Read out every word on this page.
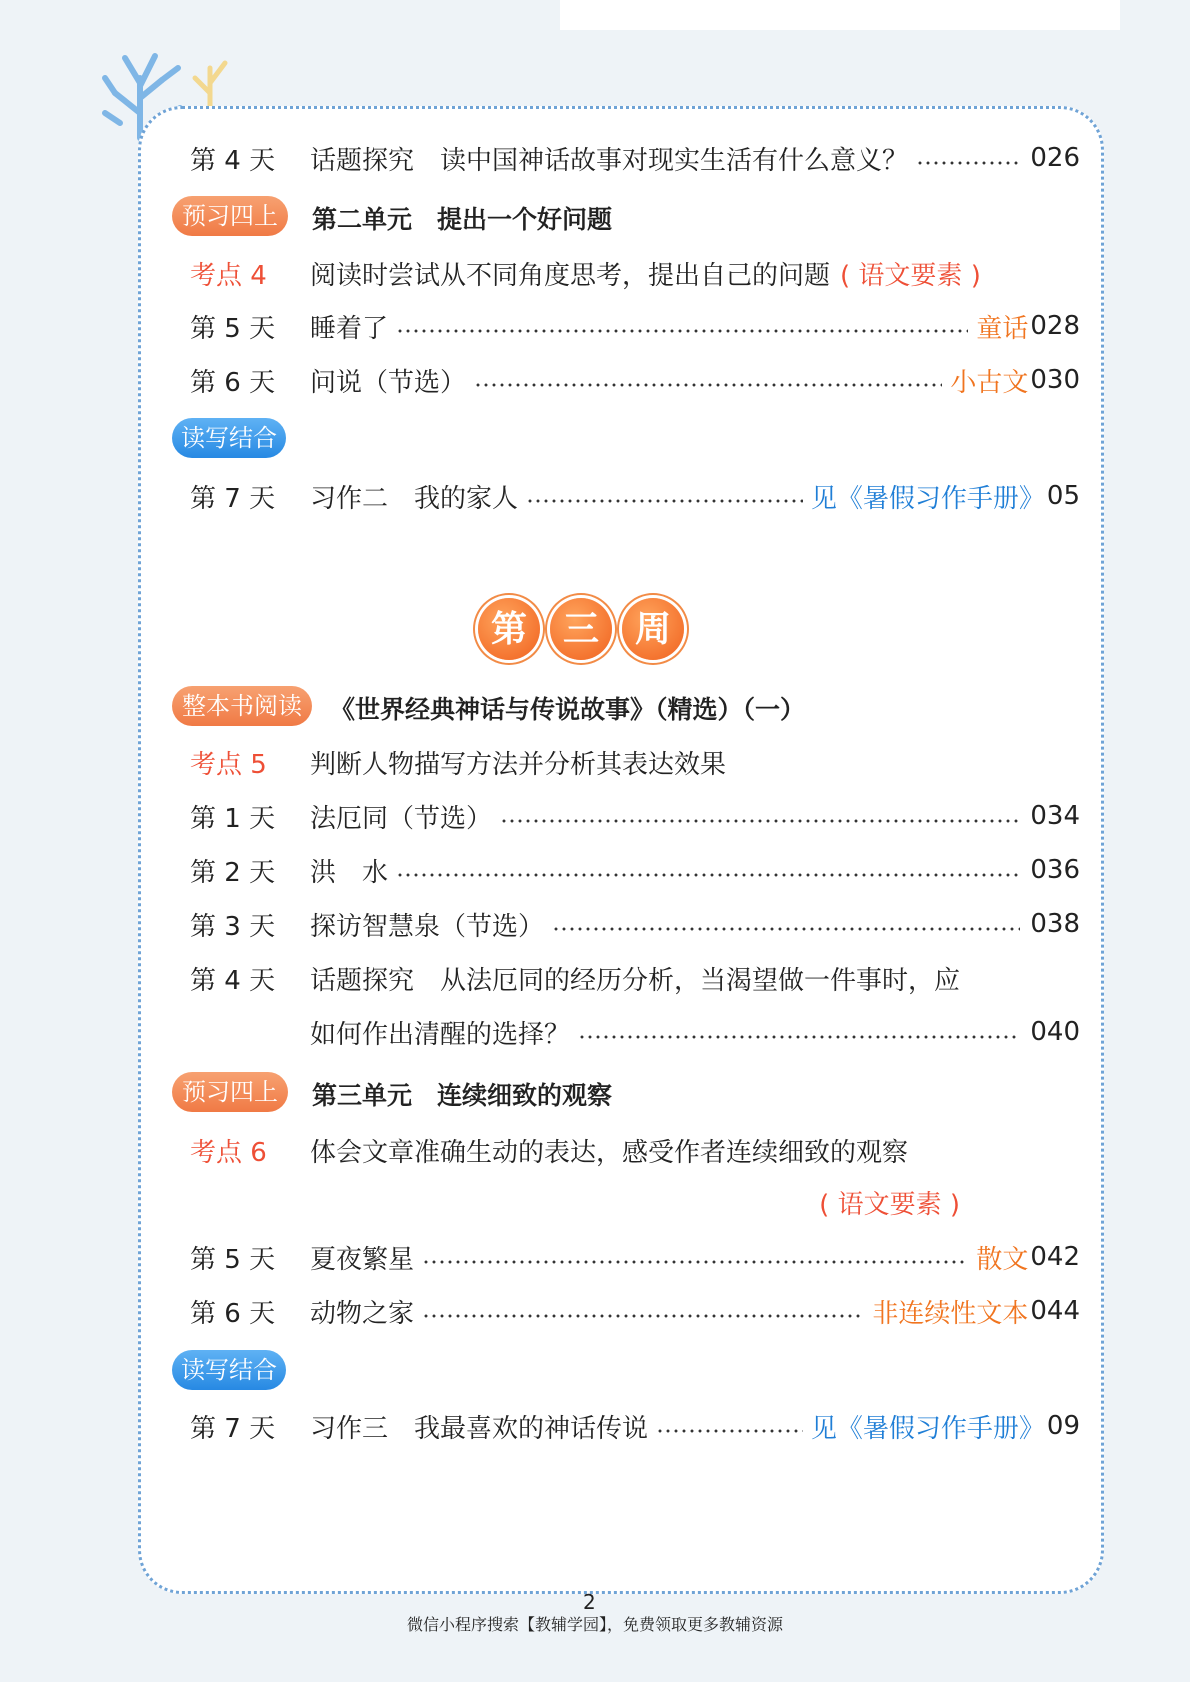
第 4 天	话题探究 读中国神话故事对现实生活有什么意义？	026
预习四上	第二单元　提出一个好问题
考点 4	阅读时尝试从不同角度思考，提出自己的问题 ( 语文要素 )
第 5 天	睡着了	童话 028
第 6 天	问说（节选）	小古文 030
读写结合
第 7 天	习作二　我的家人	见《暑假习作手册》 05
第 三 周
整本书阅读	《世界经典神话与传说故事》（精选）（一）
考点 5	判断人物描写方法并分析其表达效果
第 1 天	法厄同（节选）	034
第 2 天	洪　水	036
第 3 天	探访智慧泉（节选）	038
第 4 天	话题探究 从法厄同的经历分析，当渴望做一件事时，应
如何作出清醒的选择？	040
预习四上	第三单元　连续细致的观察
考点 6	体会文章准确生动的表达，感受作者连续细致的观察
( 语文要素 )
第 5 天	夏夜繁星	散文 042
第 6 天	动物之家	非连续性文本 044
读写结合
第 7 天	习作三　我最喜欢的神话传说	见《暑假习作手册》 09
2
微信小程序搜索【教辅学园】，免费领取更多教辅资源
